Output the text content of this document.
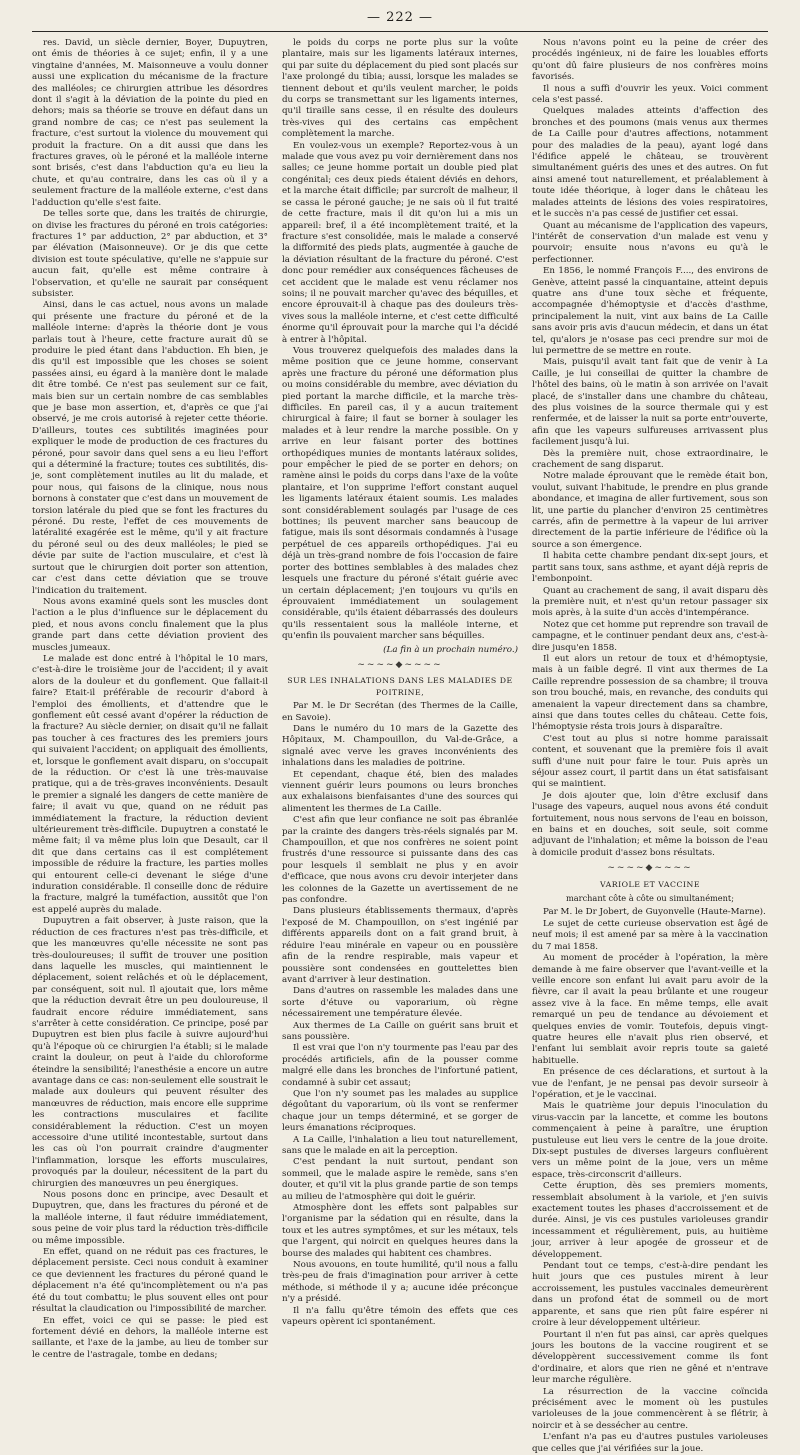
— 222 —

res. David, un siècle dernier, Boyer, Dupuytren, ont émis de théories à ce sujet; enfin, il y a une vingtaine d'années, M. Maisonneuve a voulu donner aussi une explication du mécanisme de la fracture des malléoles; ce chirurgien attribue les désordres dont il s'agit à la déviation de la pointe du pied en dehors; mais sa théorie se trouve en défaut dans un grand nombre de cas; ce n'est pas seulement la fracture, c'est surtout la violence du mouvement qui produit la fracture. On a dit aussi que dans les fractures graves, où le péroné et la malléole interne sont brisés, c'est dans l'abduction qu'a eu lieu la chute, et qu'au contraire, dans les cas où il y a seulement fracture de la malléole externe, c'est dans l'adduction qu'elle s'est faite.

De telles sorte que, dans les traités de chirurgie, on divise les fractures du péroné en trois catégories: fractures 1° par adduction, 2° par abduction, et 3° par élévation (Maisonneuve). Or je dis que cette division est toute spéculative, qu'elle ne s'appuie sur aucun fait, qu'elle est même contraire à l'observation, et qu'elle ne saurait par conséquent subsister.

Ainsi, dans le cas actuel, nous avons un malade qui présente une fracture du péroné et de la malléole interne: d'après la théorie dont je vous parlais tout à l'heure, cette fracture aurait dû se produire le pied étant dans l'abduction. Eh bien, je dis qu'il est impossible que les choses se soient passées ainsi, eu égard à la manière dont le malade dit être tombé. Ce n'est pas seulement sur ce fait, mais bien sur un certain nombre de cas semblables que je base mon assertion, et, d'après ce que j'ai observé, je me crois autorisé à rejeter cette théorie. D'ailleurs, toutes ces subtilités imaginées pour expliquer le mode de production de ces fractures du péroné, pour savoir dans quel sens a eu lieu l'effort qui a déterminé la fracture; toutes ces subtilités, dis-je, sont complètement inutiles au lit du malade, et pour nous, qui faisons de la clinique, nous nous bornons à constater que c'est dans un mouvement de torsion latérale du pied que se font les fractures du péroné. Du reste, l'effet de ces mouvements de latéralité exagérée est le même, qu'il y ait fracture du péroné seul ou des deux malléoles; le pied se dévie par suite de l'action musculaire, et c'est là surtout que le chirurgien doit porter son attention, car c'est dans cette déviation que se trouve l'indication du traitement.

Nous avons examiné quels sont les muscles dont l'action a le plus d'influence sur le déplacement du pied, et nous avons conclu finalement que la plus grande part dans cette déviation provient des muscles jumeaux.

Le malade est donc entré à l'hôpital le 10 mars, c'est-à-dire le troisième jour de l'accident; il y avait alors de la douleur et du gonflement. Que fallait-il faire? Etait-il préférable de recourir d'abord à l'emploi des émollients, et d'attendre que le gonflement eût cessé avant d'opérer la réduction de la fracture? Au siècle dernier, on disait qu'il ne fallait pas toucher à ces fractures des les premiers jours qui suivaient l'accident; on appliquait des émollients, et, lorsque le gonflement avait disparu, on s'occupait de la réduction. Or c'est là une très-mauvaise pratique, qui a de très-graves inconvénients. Desault le premier a signalé les dangers de cette manière de faire; il avait vu que, quand on ne réduit pas immédiatement la fracture, la réduction devient ultérieurement très-difficile. Dupuytren a constaté le même fait; il va même plus loin que Desault, car il dit que dans certains cas il est complétement impossible de réduire la fracture, les parties molles qui entourent celle-ci devenant le siége d'une induration considérable. Il conseille donc de réduire la fracture, malgré la tuméfaction, aussitôt que l'on est appelé auprès du malade.

Dupuytren a fait observer, à juste raison, que la réduction de ces fractures n'est pas très-difficile, et que les manœuvres qu'elle nécessite ne sont pas très-douloureuses; il suffit de trouver une position dans laquelle les muscles, qui maintiennent le déplacement, soient relâchés et où le déplacement, par conséquent, soit nul. Il ajoutait que, lors même que la réduction devrait être un peu douloureuse, il faudrait encore réduire immédiatement, sans s'arrêter à cette considération. Ce principe, posé par Dupuytren est bien plus facile à suivre aujourd'hui qu'à l'époque où ce chirurgien l'a établi; si le malade craint la douleur, on peut à l'aide du chloroforme éteindre la sensibilité; l'anesthésie a encore un autre avantage dans ce cas: non-seulement elle soustrait le malade aux douleurs qui peuvent résulter des manœuvres de réduction, mais encore elle supprime les contractions musculaires et facilite considérablement la réduction. C'est un moyen accessoire d'une utilité incontestable, surtout dans les cas où l'on pourrait craindre d'augmenter l'inflammation, lorsque les efforts musculaires, provoqués par la douleur, nécessitent de la part du chirurgien des manœuvres un peu énergiques.

Nous posons donc en principe, avec Desault et Dupuytren, que, dans les fractures du péroné et de la malléole interne, il faut réduire immédiatement, sous peine de voir plus tard la réduction très-difficile ou même impossible.

En effet, quand on ne réduit pas ces fractures, le déplacement persiste. Ceci nous conduit à examiner ce que deviennent les fractures du péroné quand le déplacement n'a été qu'incomplètement ou n'a pas été du tout combattu; le plus souvent elles ont pour résultat la claudication ou l'impossibilité de marcher.

En effet, voici ce qui se passe: le pied est fortement dévié en dehors, la malléole interne est saillante, et l'axe de la jambe, au lieu de tomber sur le centre de l'astragale, tombe en dedans;

le poids du corps ne porte plus sur la voûte plantaire, mais sur les ligaments latéraux internes, qui par suite du déplacement du pied sont placés sur l'axe prolongé du tibia; aussi, lorsque les malades se tiennent debout et qu'ils veulent marcher, le poids du corps se transmettant sur les ligaments internes, qu'il tiraille sans cesse, il en résulte des douleurs très-vives qui des certains cas empêchent complètement la marche.

En voulez-vous un exemple? Reportez-vous à un malade que vous avez pu voir dernièrement dans nos salles; ce jeune homme portait un double pied plat congénital; ces deux pieds étaient déviés en dehors, et la marche était difficile; par surcroît de malheur, il se cassa le péroné gauche; je ne sais où il fut traité de cette fracture, mais il dit qu'on lui a mis un appareil: bref, il a été incomplètement traité, et la fracture s'est consolidée, mais le malade a conservé la difformité des pieds plats, augmentée à gauche de la déviation résultant de la fracture du péroné. C'est donc pour remédier aux conséquences fâcheuses de cet accident que le malade est venu réclamer nos soins; il ne pouvait marcher qu'avec des béquilles, et encore éprouvait-il à chaque pas des douleurs très-vives sous la malléole interne, et c'est cette difficulté énorme qu'il éprouvait pour la marche qui l'a décidé à entrer à l'hôpital.

Vous trouverez quelquefois des malades dans la même position que ce jeune homme, conservant après une fracture du péroné une déformation plus ou moins considérable du membre, avec déviation du pied portant la marche difficile, et la marche très-difficiles. En pareil cas, il y a aucun traitement chirurgical à faire; il faut se borner à soulager les malades et à leur rendre la marche possible. On y arrive en leur faisant porter des bottines orthopédiques munies de montants latéraux solides, pour empêcher le pied de se porter en dehors; on ramène ainsi le poids du corps dans l'axe de la voûte plantaire, et l'on supprime l'effort constant auquel les ligaments latéraux étaient soumis. Les malades sont considérablement soulagés par l'usage de ces bottines; ils peuvent marcher sans beaucoup de fatigue, mais ils sont désormais condamnés à l'usage perpétuel de ces appareils orthopédiques. J'ai eu déjà un très-grand nombre de fois l'occasion de faire porter des bottines semblables à des malades chez lesquels une fracture du péroné s'était guérie avec un certain déplacement; j'en toujours vu qu'ils en éprouvaient immédiatement un soulagement considérable, qu'ils étaient débarrassés des douleurs qu'ils ressentaient sous la malléole interne, et qu'enfin ils pouvaient marcher sans béquilles.

(La fin à un prochain numéro.)
~~~~◆~~~~
SUR LES INHALATIONS DANS LES MALADIES DE POITRINE,

Par M. le Dr Secrétan (des Thermes de la Caille, en Savoie).

Dans le numéro du 10 mars de la Gazette des Hôpitaux, M. Champouillon, du Val-de-Grâce, a signalé avec verve les graves inconvénients des inhalations dans les maladies de poitrine.

Et cependant, chaque été, bien des malades viennent guérir leurs poumons ou leurs bronches aux exhalaisons bienfaisantes d'une des sources qui alimentent les thermes de La Caille.

C'est afin que leur confiance ne soit pas ébranlée par la crainte des dangers très-réels signalés par M. Champouillon, et que nos confrères ne soient point frustrés d'une ressource si puissante dans des cas pour lesquels il semblait ne plus y en avoir d'efficace, que nous avons cru devoir interjeter dans les colonnes de la Gazette un avertissement de ne pas confondre.

Dans plusieurs établissements thermaux, d'après l'exposé de M. Champouillon, on s'est ingénié par différents appareils dont on a fait grand bruit, à réduire l'eau minérale en vapeur ou en poussière afin de la rendre respirable, mais vapeur et poussière sont condensées en gouttelettes bien avant d'arriver à leur destination.

Dans d'autres on rassemble les malades dans une sorte d'étuve ou vaporarium, où règne nécessairement une température élevée.

Aux thermes de La Caille on guérit sans bruit et sans poussière.

Il est vrai que l'on n'y tourmente pas l'eau par des procédés artificiels, afin de la pousser comme malgré elle dans les bronches de l'infortuné patient, condamné à subir cet assaut;

Que l'on n'y soumet pas les malades au supplice dégoûtant du vaporarium, où ils vont se renfermer chaque jour un temps déterminé, et se gorger de leurs émanations réciproques.

A La Caille, l'inhalation a lieu tout naturellement, sans que le malade en ait la perception.

C'est pendant la nuit surtout, pendant son sommeil, que le malade aspire le remède, sans s'en douter, et qu'il vit la plus grande partie de son temps au milieu de l'atmosphère qui doit le guérir.

Atmosphère dont les effets sont palpables sur l'organisme par la sédation qui en résulte, dans la toux et les autres symptômes, et sur les métaux, tels que l'argent, qui noircit en quelques heures dans la bourse des malades qui habitent ces chambres.

Nous avouons, en toute humilité, qu'il nous a fallu très-peu de frais d'imagination pour arriver à cette méthode, si méthode il y a; aucune idée préconçue n'y a présidé.

Il n'a fallu qu'être témoin des effets que ces vapeurs opèrent ici spontanément.

Nous n'avons point eu la peine de créer des procédés ingénieux, ni de faire les louables efforts qu'ont dû faire plusieurs de nos confrères moins favorisés.

Il nous a suffi d'ouvrir les yeux. Voici comment cela s'est passé.

Quelques malades atteints d'affection des bronches et des poumons (mais venus aux thermes de La Caille pour d'autres affections, notamment pour des maladies de la peau), ayant logé dans l'édifice appelé le château, se trouvèrent simultanément guéris des unes et des autres. On fut ainsi amené tout naturellement, et préalablement à toute idée théorique, à loger dans le château les malades atteints de lésions des voies respiratoires, et le succès n'a pas cessé de justifier cet essai.

Quant au mécanisme de l'application des vapeurs, l'intérêt de conservation d'un malade est venu y pourvoir; ensuite nous n'avons eu qu'à le perfectionner.

En 1856, le nommé François F...., des environs de Genève, atteint passé la cinquantaine, atteint depuis quatre ans d'une toux sèche et fréquente, accompagnée d'hémoptysie et d'accès d'asthme, principalement la nuit, vint aux bains de La Caille sans avoir pris avis d'aucun médecin, et dans un état tel, qu'alors je n'osase pas ceci prendre sur moi de lui permettre de se mettre en route.

Mais, puisqu'il avait tant fait que de venir à La Caille, je lui conseillai de quitter la chambre de l'hôtel des bains, où le matin à son arrivée on l'avait placé, de s'installer dans une chambre du château, des plus voisines de la source thermale qui y est renfermée, et de laisser la nuit sa porte entr'ouverte, afin que les vapeurs sulfureuses arrivassent plus facilement jusqu'à lui.

Dès la première nuit, chose extraordinaire, le crachement de sang disparut.

Notre malade éprouvant que le remède était bon, voulut, suivant l'habitude, le prendre en plus grande abondance, et imagina de aller furtivement, sous son lit, une partie du plancher d'environ 25 centimètres carrés, afin de permettre à la vapeur de lui arriver directement de la partie inférieure de l'édifice où la source a son émergence.

Il habita cette chambre pendant dix-sept jours, et partit sans toux, sans asthme, et ayant déjà repris de l'embonpoint.

Quant au crachement de sang, il avait disparu dès la première nuit, et n'est qu'un retour passager six mois après, à la suite d'un accès d'intempérance.

Notez que cet homme put reprendre son travail de campagne, et le continuer pendant deux ans, c'est-à-dire jusqu'en 1858.

Il eut alors un retour de toux et d'hémoptysie, mais à un faible degré. Il vint aux thermes de La Caille reprendre possession de sa chambre; il trouva son trou bouché, mais, en revanche, des conduits qui amenaient la vapeur directement dans sa chambre, ainsi que dans toutes celles du château. Cette fois, l'hémoptysie résta trois jours à disparaître.

C'est tout au plus si notre homme paraissait content, et souvenant que la première fois il avait suffi d'une nuit pour faire le tour. Puis après un séjour assez court, il partit dans un état satisfaisant qui se maintient.

Je dois ajouter que, loin d'être exclusif dans l'usage des vapeurs, auquel nous avons été conduit fortuitement, nous nous servons de l'eau en boisson, en bains et en douches, soit seule, soit comme adjuvant de l'inhalation; et même la boisson de l'eau à domicile produit d'assez bons résultats.

~~~~◆~~~~
VARIOLE ET VACCINE
marchant côte à côte ou simultanément;

Par M. le Dr Jobert, de Guyonvelle (Haute-Marne).

Le sujet de cette curieuse observation est âgé de neuf mois; il est amené par sa mère à la vaccination du 7 mai 1858.

Au moment de procéder à l'opération, la mère demande à me faire observer que l'avant-veille et la veille encore son enfant lui avait paru avoir de la fièvre, car il avait la peau brûlante et une rougeur assez vive à la face. En même temps, elle avait remarqué un peu de tendance au dévoiement et quelques envies de vomir. Toutefois, depuis vingt-quatre heures elle n'avait plus rien observé, et l'enfant lui semblait avoir repris toute sa gaieté habituelle.

En présence de ces déclarations, et surtout à la vue de l'enfant, je ne pensai pas devoir surseoir à l'opération, et je le vaccinai.

Mais le quatrième jour depuis l'inoculation du virus-vaccin par la lancette, et comme les boutons commençaient à peine à paraître, une éruption pustuleuse eut lieu vers le centre de la joue droite. Dix-sept pustules de diverses largeurs confluèrent vers un même point de la joue, vers un même espace, très-circonscrit d'ailleurs.

Cette éruption, dès ses premiers moments, ressemblait absolument à la variole, et j'en suivis exactement toutes les phases d'accroissement et de durée. Ainsi, je vis ces pustules varioleuses grandir incessamment et régulièrement, puis, au huitième jour, arriver à leur apogée de grosseur et de développement.

Pendant tout ce temps, c'est-à-dire pendant les huit jours que ces pustules mirent à leur accroissement, les pustules vaccinales demeurèrent dans un profond état de sommeil ou de mort apparente, et sans que rien pût faire espérer ni croire à leur développement ultérieur.

Pourtant il n'en fut pas ainsi, car après quelques jours les boutons de la vaccine rougirent et se développèrent successivement comme ils font d'ordinaire, et alors que rien ne gêné et n'entrave leur marche régulière.

La résurrection de la vaccine coïncida précisément avec le moment où les pustules varioleuses de la joue commencèrent à se flétrir, à noircir et à se dessécher au centre.

L'enfant n'a pas eu d'autres pustules varioleuses que celles que j'ai vérifiées sur la joue.
